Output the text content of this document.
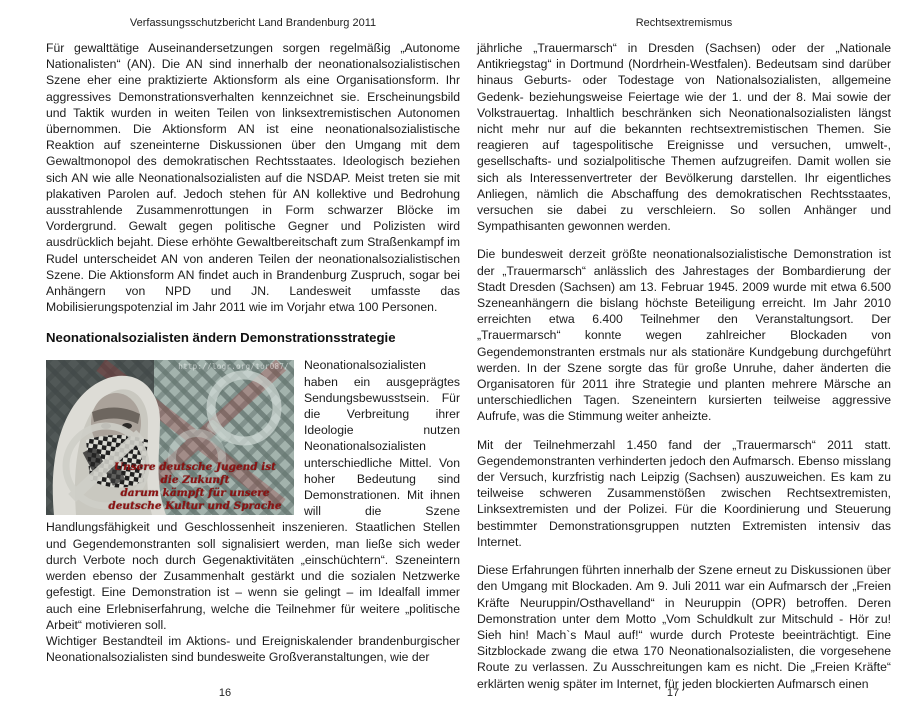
Verfassungsschutzbericht Land Brandenburg 2011

Für gewalttätige Auseinandersetzungen sorgen regelmäßig „Autonome Nationalisten“ (AN). Die AN sind innerhalb der neonationalsozialistischen Szene eher eine praktizierte Aktionsform als eine Organisationsform. Ihr aggressives Demonstrationsverhalten kennzeichnet sie. Erscheinungsbild und Taktik wurden in weiten Teilen von linksextremistischen Autonomen übernommen. Die Aktionsform AN ist eine neonationalsozialistische Reaktion auf szeneinterne Diskussionen über den Umgang mit dem Gewaltmonopol des demokratischen Rechtsstaates. Ideologisch beziehen sich AN wie alle Neonationalsozialisten auf die NSDAP. Meist treten sie mit plakativen Parolen auf. Jedoch stehen für AN kollektive und Bedrohung ausstrahlende Zusammenrottungen in Form schwarzer Blöcke im Vordergrund. Gewalt gegen politische Gegner und Polizisten wird ausdrücklich bejaht. Diese erhöhte Gewaltbereitschaft zum Straßenkampf im Rudel unterscheidet AN von anderen Teilen der neonationalsozialistischen Szene. Die Aktionsform AN findet auch in Brandenburg Zuspruch, sogar bei Anhängern von NPD und JN. Landesweit umfasste das Mobilisierungspotenzial im Jahr 2011 wie im Vorjahr etwa 100 Personen.

Neonationalsozialisten ändern Demonstrationsstrategie
http://logr.org/tor087/
Unsere deutsche Jugend ist
die Zukunft
darum kämpft für unsere
deutsche Kultur und Sprache

Neonationalsozialisten haben ein ausgeprägtes Sendungsbewusstsein. Für die Verbreitung ihrer Ideologie nutzen Neonationalsozialisten unterschiedliche Mittel. Von hoher Bedeutung sind Demonstrationen. Mit ihnen will die Szene Handlungsfähigkeit und Geschlossenheit inszenieren. Staatlichen Stellen und Gegendemonstranten soll signalisiert werden, man ließe sich weder durch Verbote noch durch Gegenaktivitäten „einschüchtern“. Szeneintern werden ebenso der Zusammenhalt gestärkt und die sozialen Netzwerke gefestigt. Eine Demonstration ist – wenn sie gelingt – im Idealfall immer auch eine Erlebniserfahrung, welche die Teilnehmer für weitere „politische Arbeit“ motivieren soll.

Wichtiger Bestandteil im Aktions- und Ereigniskalender brandenburgischer Neonationalsozialisten sind bundesweite Großveranstaltungen, wie der

16
Rechtsextremismus

jährliche „Trauermarsch“ in Dresden (Sachsen) oder der „Nationale Antikriegstag“ in Dortmund (Nordrhein-Westfalen). Bedeutsam sind darüber hinaus Geburts- oder Todestage von Nationalsozialisten, allgemeine Gedenk- beziehungsweise Feiertage wie der 1. und der 8. Mai sowie der Volkstrauertag. Inhaltlich beschränken sich Neonationalsozialisten längst nicht mehr nur auf die bekannten rechtsextremistischen Themen. Sie reagieren auf tagespolitische Ereignisse und versuchen, umwelt-, gesellschafts- und sozialpolitische Themen aufzugreifen. Damit wollen sie sich als Interessenvertreter der Bevölkerung darstellen. Ihr eigentliches Anliegen, nämlich die Abschaffung des demokratischen Rechtsstaates, versuchen sie dabei zu verschleiern. So sollen Anhänger und Sympathisanten gewonnen werden.

Die bundesweit derzeit größte neonationalsozialistische Demonstration ist der „Trauermarsch“ anlässlich des Jahrestages der Bombardierung der Stadt Dresden (Sachsen) am 13. Februar 1945. 2009 wurde mit etwa 6.500 Szeneanhängern die bislang höchste Beteiligung erreicht. Im Jahr 2010 erreichten etwa 6.400 Teilnehmer den Veranstaltungsort. Der „Trauermarsch“ konnte wegen zahlreicher Blockaden von Gegendemonstranten erstmals nur als stationäre Kundgebung durchgeführt werden. In der Szene sorgte das für große Unruhe, daher änderten die Organisatoren für 2011 ihre Strategie und planten mehrere Märsche an unterschiedlichen Tagen. Szeneintern kursierten teilweise aggressive Aufrufe, was die Stimmung weiter anheizte.

Mit der Teilnehmerzahl 1.450 fand der „Trauermarsch“ 2011 statt. Gegendemonstranten verhinderten jedoch den Aufmarsch. Ebenso misslang der Versuch, kurzfristig nach Leipzig (Sachsen) auszuweichen. Es kam zu teilweise schweren Zusammenstößen zwischen Rechtsextremisten, Linksextremisten und der Polizei. Für die Koordinierung und Steuerung bestimmter Demonstrationsgruppen nutzten Extremisten intensiv das Internet.

Diese Erfahrungen führten innerhalb der Szene erneut zu Diskussionen über den Umgang mit Blockaden. Am 9. Juli 2011 war ein Aufmarsch der „Freien Kräfte Neuruppin/Osthavelland“ in Neuruppin (OPR) betroffen. Deren Demonstration unter dem Motto „Vom Schuldkult zur Mitschuld - Hör zu! Sieh hin! Mach`s Maul auf!“ wurde durch Proteste beeinträchtigt. Eine Sitzblockade zwang die etwa 170 Neonationalsozialisten, die vorgesehene Route zu verlassen. Zu Ausschreitungen kam es nicht. Die „Freien Kräfte“ erklärten wenig später im Internet, für jeden blockierten Aufmarsch einen

17
